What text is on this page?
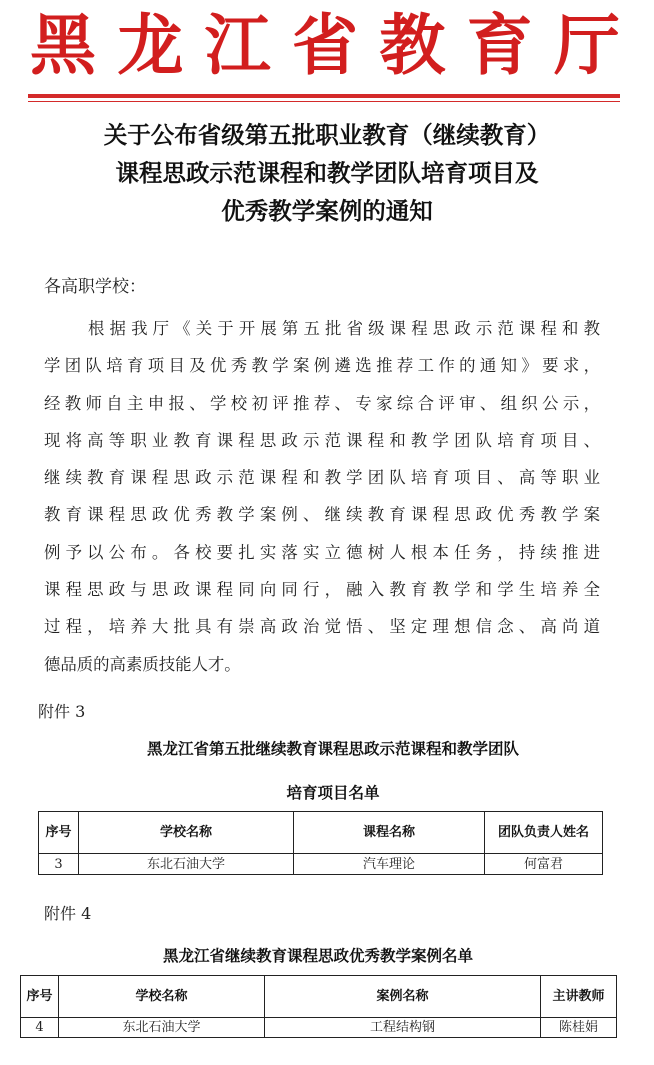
黑 龙 江 省 教 育 厅
关于公布省级第五批职业教育（继续教育）
课程思政示范课程和教学团队培育项目及
优秀教学案例的通知

各高职学校：

根据我厅《关于开展第五批省级课程思政示范课程和教
学团队培育项目及优秀教学案例遴选推荐工作的通知》要求，
经教师自主申报、学校初评推荐、专家综合评审、组织公示，
现将高等职业教育课程思政示范课程和教学团队培育项目、
继续教育课程思政示范课程和教学团队培育项目、高等职业
教育课程思政优秀教学案例、继续教育课程思政优秀教学案
例予以公布。各校要扎实落实立德树人根本任务，持续推进
课程思政与思政课程同向同行，融入教育教学和学生培养全
过程，培养大批具有崇高政治觉悟、坚定理想信念、高尚道
德品质的高素质技能人才。

附件 3

黑龙江省第五批继续教育课程思政示范课程和教学团队

培育项目名单

序号	学校名称	课程名称	团队负责人姓名
3	东北石油大学	汽车理论	何富君

附件 4

黑龙江省继续教育课程思政优秀教学案例名单

序号	学校名称	案例名称	主讲教师
4	东北石油大学	工程结构钢	陈桂娟
